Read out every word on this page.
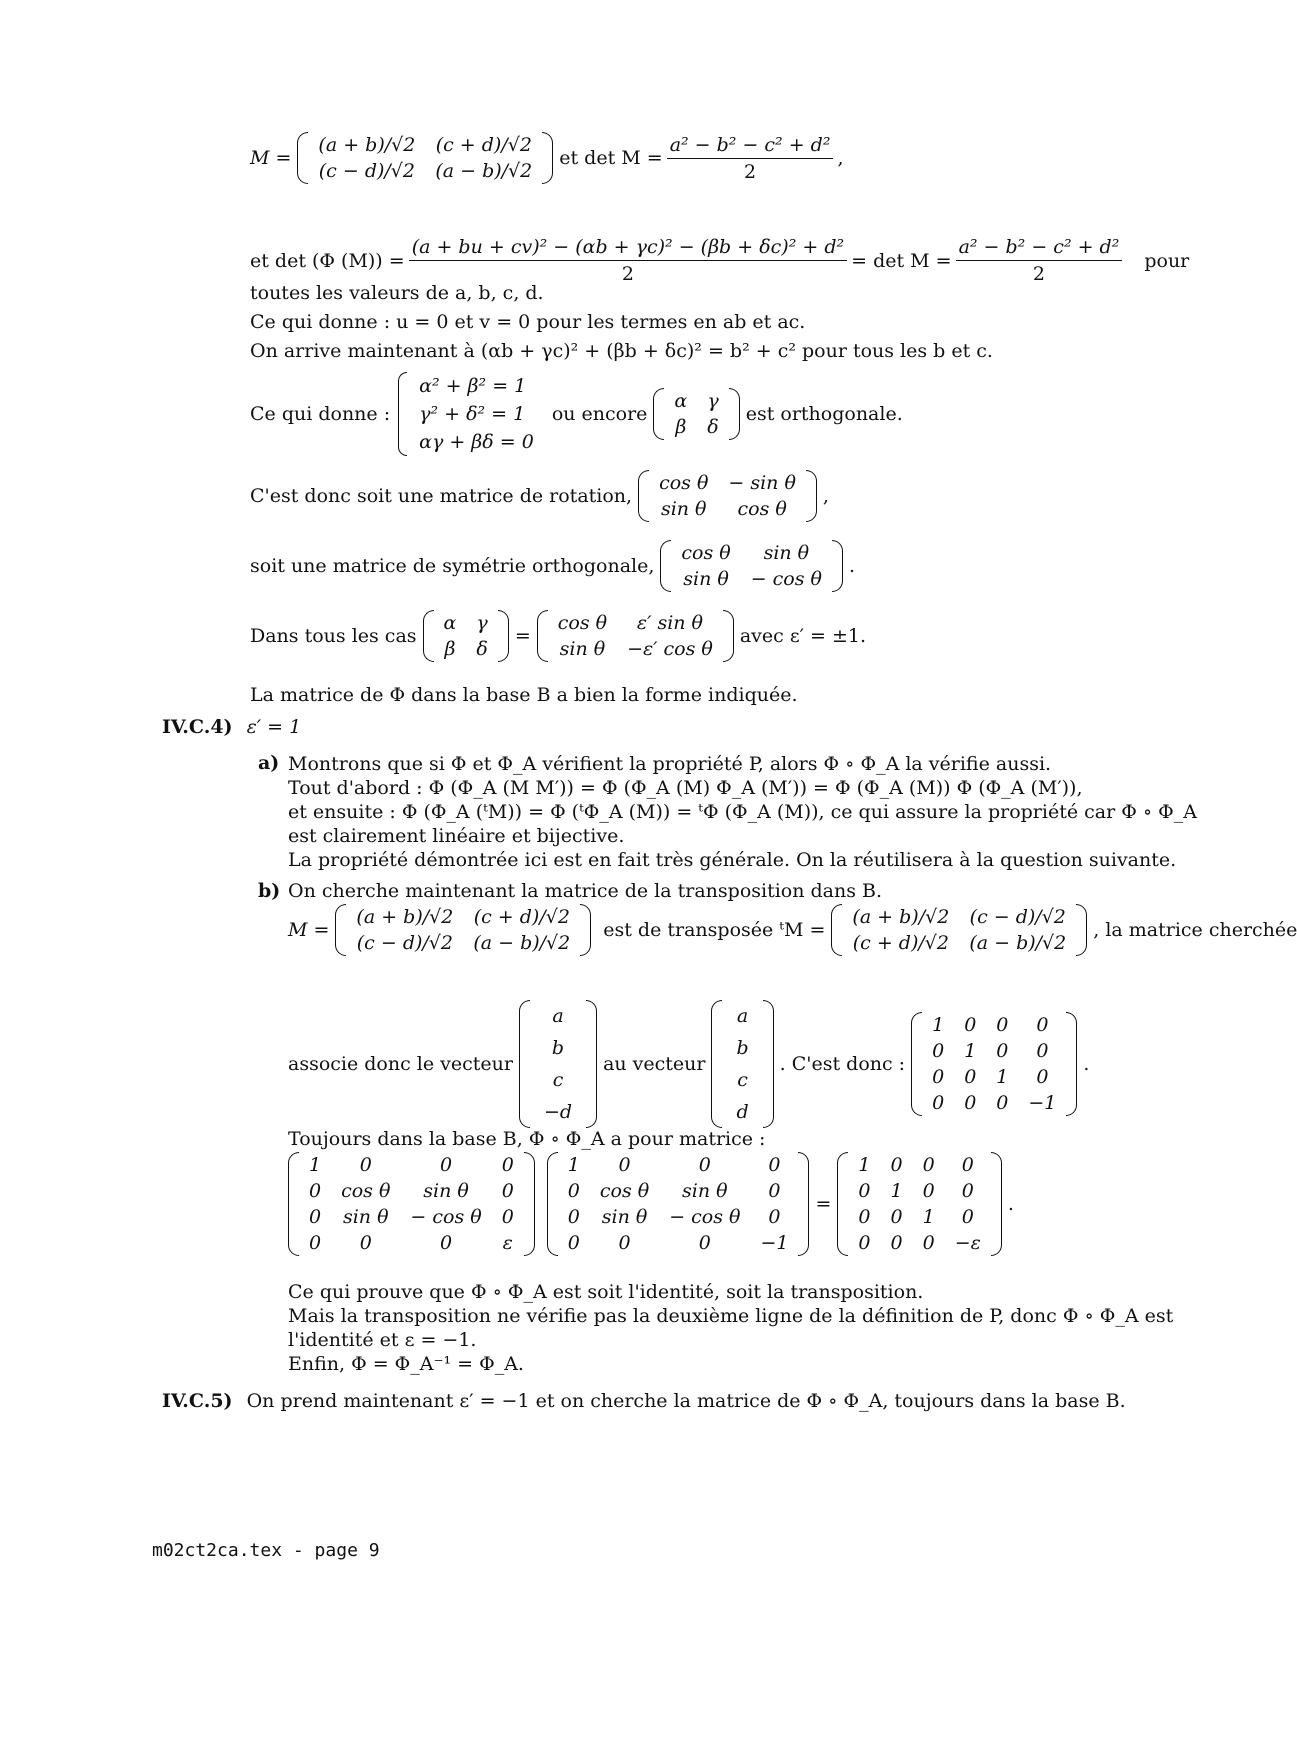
M =
(a + b)/√2	(c + d)/√2
(c − d)/√2	(a − b)/√2
et $\det M = \frac{\text{a² − b² − c² + d²}}{2}$ ,
et det (Φ $(M)) = \frac{\text{(a + bu + cv)² − (αb + γc)² − (βb + δc)² + d²}}{2} = \det M = \frac{\text{a² − b² − c² + d²}}{2}$ pour
toutes les valeurs de a, b, c, d.
Ce qui donne : u = 0 et v = 0 pour les termes en ab et ac.
On arrive maintenant à (αb + γc)² + (βb + δc)² = b² + c² pour tous les b et c.
Ce qui donne :
α² + β² = 1
γ² + δ² = 1
αγ + βδ = 0
ou encore
α	γ
β	δ
est orthogonale.
C'est donc soit une matrice de rotation,
cos θ	− sin θ
sin θ	cos θ
,
soit une matrice de symétrie orthogonale,
cos θ	sin θ
sin θ	− cos θ
.
Dans tous les cas
α	γ
β	δ
=
cos θ	ε′ sin θ
sin θ	−ε′ cos θ
avec ε′ = ±1.
La matrice de Φ dans la base B a bien la forme indiquée.
IV.C.4) ε′ = 1
a) Montrons que si Φ et Φ_A vérifient la propriété P, alors Φ ∘ Φ_A la vérifie aussi.
Tout d'abord : Φ (Φ_A (M M′)) = Φ (Φ_A (M) Φ_A (M′)) = Φ (Φ_A (M)) Φ (Φ_A (M′)),
et ensuite : Φ (Φ_A (ᵗM)) = Φ (ᵗΦ_A (M)) = ᵗΦ (Φ_A (M)), ce qui assure la propriété car Φ ∘ Φ_A
est clairement linéaire et bijective.
La propriété démontrée ici est en fait très générale. On la réutilisera à la question suivante.
b) On cherche maintenant la matrice de la transposition dans B.
M =
(a + b)/√2	(c + d)/√2
(c − d)/√2	(a − b)/√2
est de transposée ᵗM =
(a + b)/√2	(c − d)/√2
(c + d)/√2	(a − b)/√2
, la matrice cherchée
associe donc le vecteur
a
b
c
−d
au vecteur
a
b
c
d
. C'est donc :
1	0	0	0
0	1	0	0
0	0	1	0
0	0	0	−1
.
Toujours dans la base B, Φ ∘ Φ_A a pour matrice :
1	0	0	0
0	cos θ	sin θ	0
0	sin θ	− cos θ	0
0	0	0	ε
1	0	0	0
0	cos θ	sin θ	0
0	sin θ	− cos θ	0
0	0	0	−1
=
1	0	0	0
0	1	0	0
0	0	1	0
0	0	0	−ε
.
Ce qui prouve que Φ ∘ Φ_A est soit l'identité, soit la transposition.
Mais la transposition ne vérifie pas la deuxième ligne de la définition de P, donc Φ ∘ Φ_A est
l'identité et ε = −1.
Enfin, Φ = Φ_A⁻¹ = Φ_A.
IV.C.5) On prend maintenant ε′ = −1 et on cherche la matrice de Φ ∘ Φ_A, toujours dans la base B.
m02ct2ca.tex - page 9
